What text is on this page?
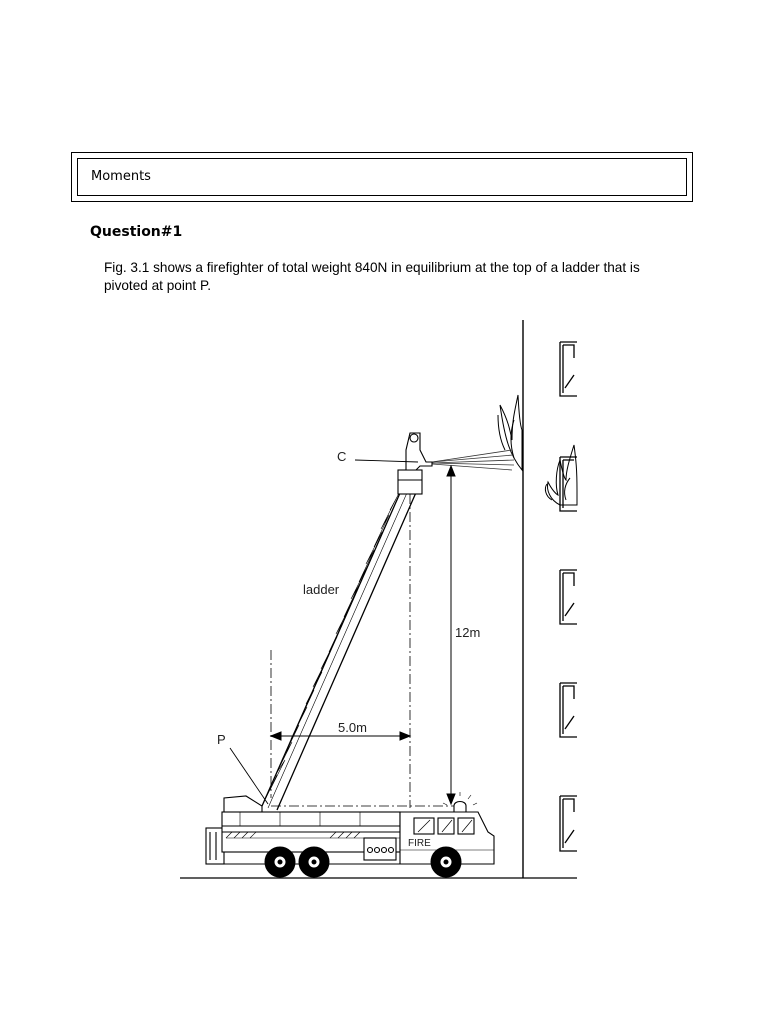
Moments
Question#1
Fig. 3.1 shows a firefighter of total weight 840N in equilibrium at the top of a ladder that is
pivoted at point P.
C
ladder
12m
5.0m
P
FIRE
